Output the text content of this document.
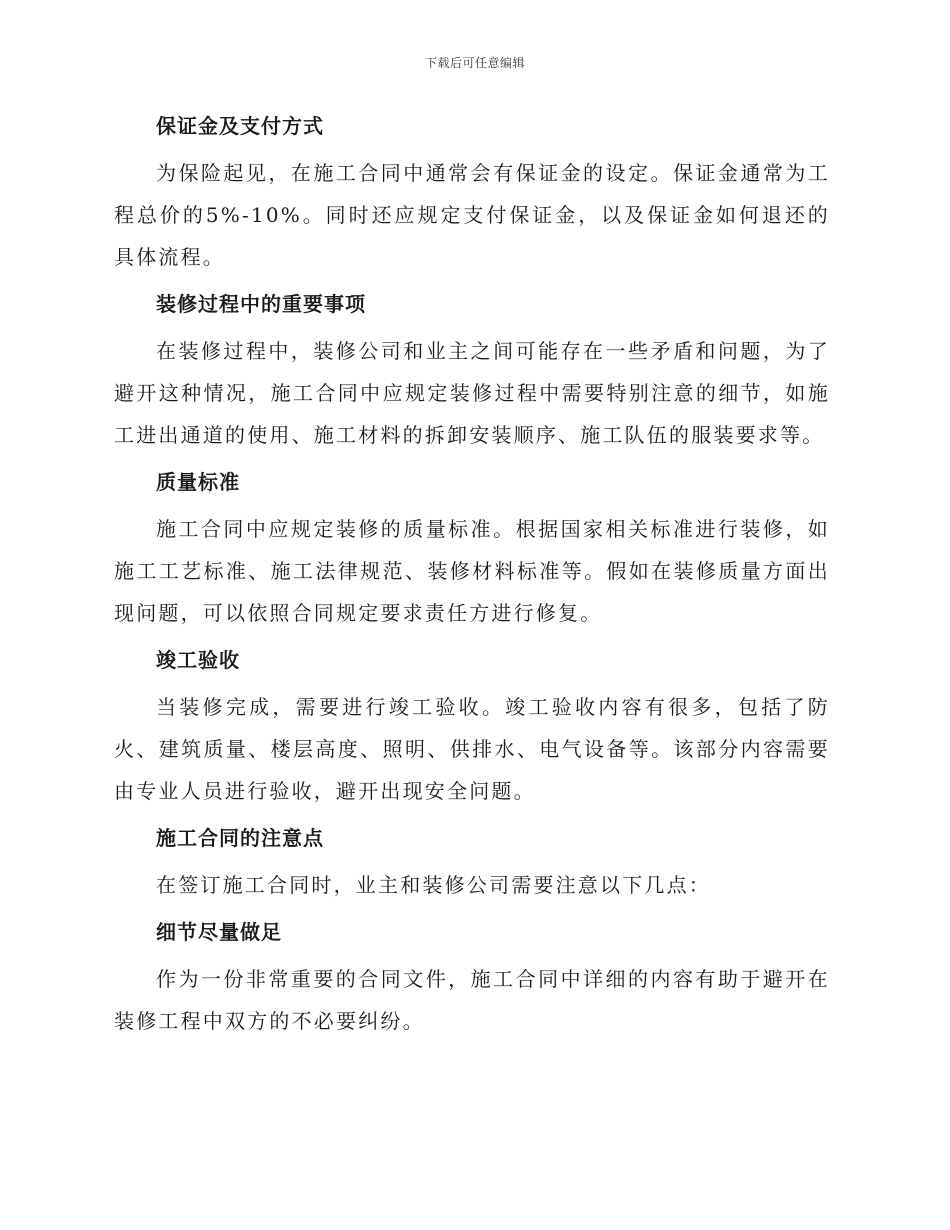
下载后可任意编辑
保证金及支付方式

为保险起见，在施工合同中通常会有保证金的设定。保证金通常为工程总价的5%-10%。同时还应规定支付保证金，以及保证金如何退还的具体流程。

装修过程中的重要事项

在装修过程中，装修公司和业主之间可能存在一些矛盾和问题，为了避开这种情况，施工合同中应规定装修过程中需要特别注意的细节，如施工进出通道的使用、施工材料的拆卸安装顺序、施工队伍的服装要求等。

质量标准

施工合同中应规定装修的质量标准。根据国家相关标准进行装修，如施工工艺标准、施工法律规范、装修材料标准等。假如在装修质量方面出现问题，可以依照合同规定要求责任方进行修复。

竣工验收

当装修完成，需要进行竣工验收。竣工验收内容有很多，包括了防火、建筑质量、楼层高度、照明、供排水、电气设备等。该部分内容需要由专业人员进行验收，避开出现安全问题。

施工合同的注意点

在签订施工合同时，业主和装修公司需要注意以下几点：

细节尽量做足

作为一份非常重要的合同文件，施工合同中详细的内容有助于避开在装修工程中双方的不必要纠纷。
